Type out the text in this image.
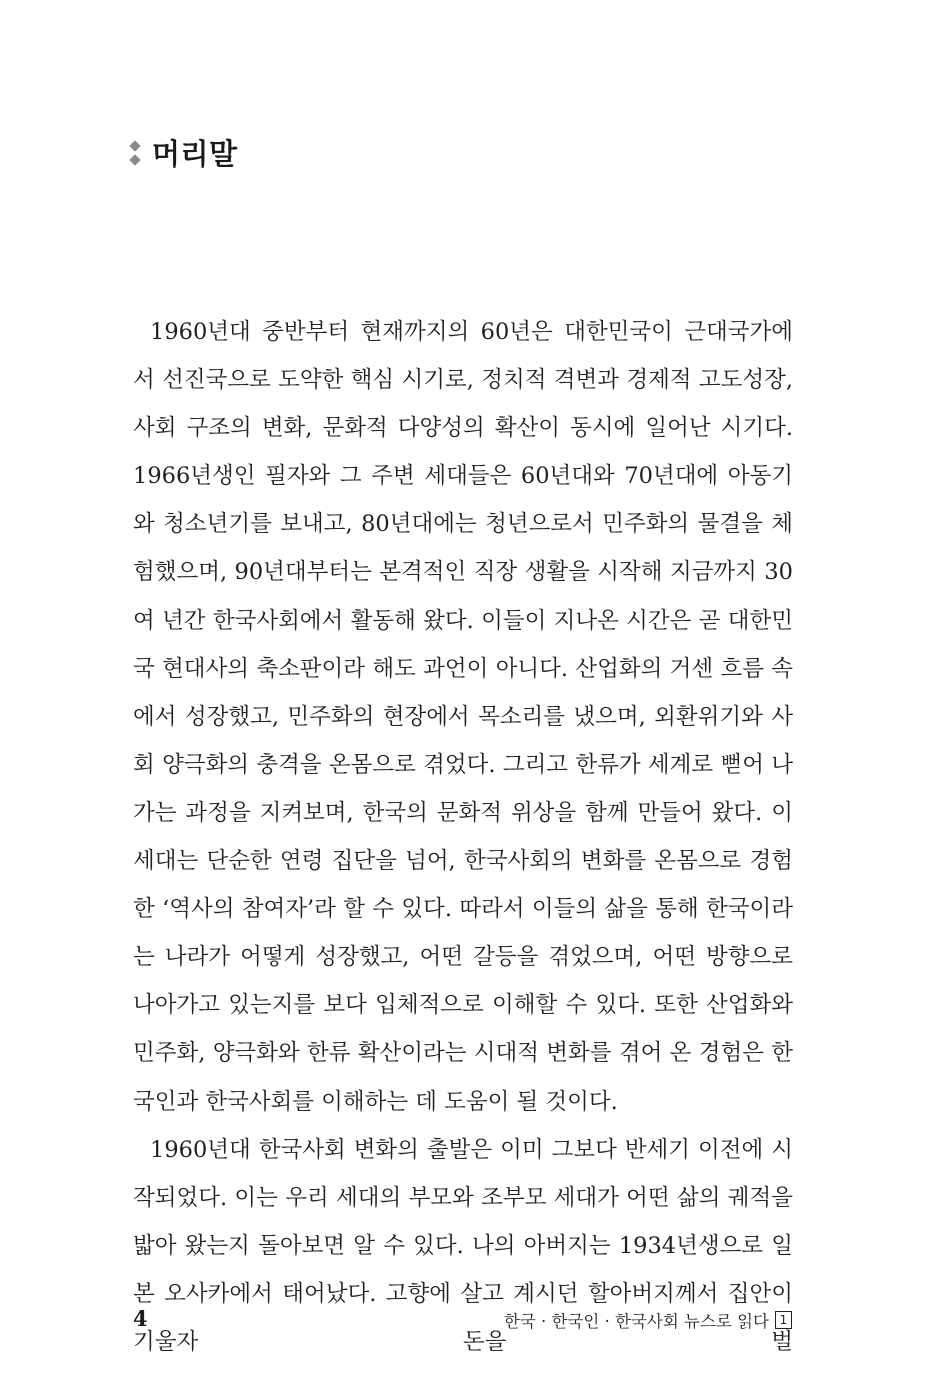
머리말

1960년대 중반부터 현재까지의 60년은 대한민국이 근대국가에서 선진국으로 도약한 핵심 시기로, 정치적 격변과 경제적 고도성장, 사회 구조의 변화, 문화적 다양성의 확산이 동시에 일어난 시기다. 1966년생인 필자와 그 주변 세대들은 60년대와 70년대에 아동기와 청소년기를 보내고, 80년대에는 청년으로서 민주화의 물결을 체험했으며, 90년대부터는 본격적인 직장 생활을 시작해 지금까지 30여 년간 한국사회에서 활동해 왔다. 이들이 지나온 시간은 곧 대한민국 현대사의 축소판이라 해도 과언이 아니다. 산업화의 거센 흐름 속에서 성장했고, 민주화의 현장에서 목소리를 냈으며, 외환위기와 사회 양극화의 충격을 온몸으로 겪었다. 그리고 한류가 세계로 뻗어 나가는 과정을 지켜보며, 한국의 문화적 위상을 함께 만들어 왔다. 이 세대는 단순한 연령 집단을 넘어, 한국사회의 변화를 온몸으로 경험한 ‘역사의 참여자’라 할 수 있다. 따라서 이들의 삶을 통해 한국이라는 나라가 어떻게 성장했고, 어떤 갈등을 겪었으며, 어떤 방향으로 나아가고 있는지를 보다 입체적으로 이해할 수 있다. 또한 산업화와 민주화, 양극화와 한류 확산이라는 시대적 변화를 겪어 온 경험은 한국인과 한국사회를 이해하는 데 도움이 될 것이다.

1960년대 한국사회 변화의 출발은 이미 그보다 반세기 이전에 시작되었다. 이는 우리 세대의 부모와 조부모 세대가 어떤 삶의 궤적을 밟아 왔는지 돌아보면 알 수 있다. 나의 아버지는 1934년생으로 일본 오사카에서 태어났다. 고향에 살고 계시던 할아버지께서 집안이 기울자 돈을 벌

4	한국 · 한국인 · 한국사회 뉴스로 읽다 1
